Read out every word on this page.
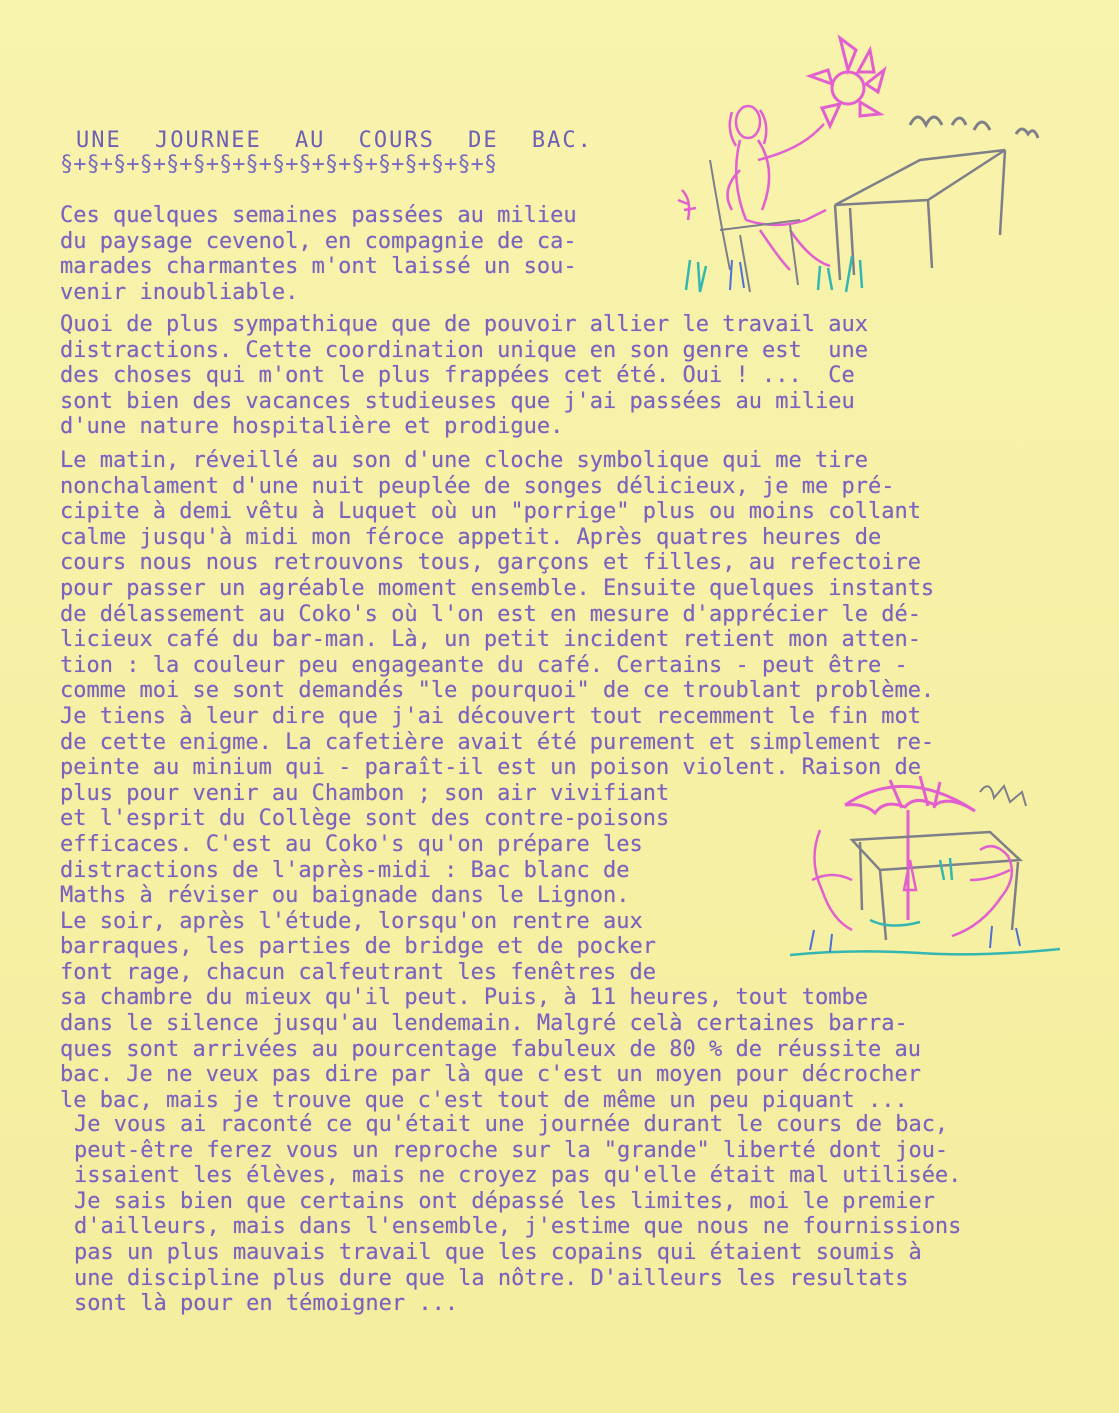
UNE JOURNEE AU COURS DE BAC.
§+§+§+§+§+§+§+§+§+§+§+§+§+§+§+§+§
Ces quelques semaines passées au milieu
du paysage cevenol, en compagnie de ca-
marades charmantes m'ont laissé un sou-
venir inoubliable.
Quoi de plus sympathique que de pouvoir allier le travail aux
distractions. Cette coordination unique en son genre est  une
des choses qui m'ont le plus frappées cet été. Oui ! ...  Ce
sont bien des vacances studieuses que j'ai passées au milieu
d'une nature hospitalière et prodigue.
Le matin, réveillé au son d'une cloche symbolique qui me tire
nonchalament d'une nuit peuplée de songes délicieux, je me pré-
cipite à demi vêtu à Luquet où un "porrige" plus ou moins collant
calme jusqu'à midi mon féroce appetit. Après quatres heures de
cours nous nous retrouvons tous, garçons et filles, au refectoire
pour passer un agréable moment ensemble. Ensuite quelques instants
de délassement au Coko's où l'on est en mesure d'apprécier le dé-
licieux café du bar-man. Là, un petit incident retient mon atten-
tion : la couleur peu engageante du café. Certains - peut être -
comme moi se sont demandés "le pourquoi" de ce troublant problème.
Je tiens à leur dire que j'ai découvert tout recemment le fin mot
de cette enigme. La cafetière avait été purement et simplement re-
peinte au minium qui - paraît-il est un poison violent. Raison de
plus pour venir au Chambon ; son air vivifiant
et l'esprit du Collège sont des contre-poisons
efficaces. C'est au Coko's qu'on prépare les
distractions de l'après-midi : Bac blanc de
Maths à réviser ou baignade dans le Lignon.
Le soir, après l'étude, lorsqu'on rentre aux
barraques, les parties de bridge et de pocker
font rage, chacun calfeutrant les fenêtres de
sa chambre du mieux qu'il peut. Puis, à 11 heures, tout tombe
dans le silence jusqu'au lendemain. Malgré celà certaines barra-
ques sont arrivées au pourcentage fabuleux de 80 % de réussite au
bac. Je ne veux pas dire par là que c'est un moyen pour décrocher
le bac, mais je trouve que c'est tout de même un peu piquant ...
Je vous ai raconté ce qu'était une journée durant le cours de bac,
peut-être ferez vous un reproche sur la "grande" liberté dont jou-
issaient les élèves, mais ne croyez pas qu'elle était mal utilisée.
Je sais bien que certains ont dépassé les limites, moi le premier
d'ailleurs, mais dans l'ensemble, j'estime que nous ne fournissions
pas un plus mauvais travail que les copains qui étaient soumis à
une discipline plus dure que la nôtre. D'ailleurs les resultats
sont là pour en témoigner ...
